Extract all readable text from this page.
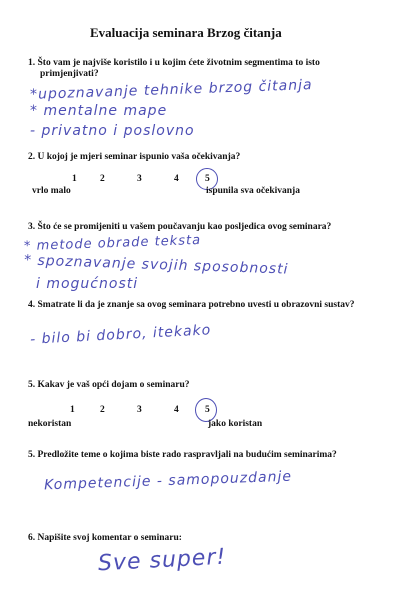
Evaluacija seminara Brzog čitanja
1. Što vam je najviše koristilo i u kojim ćete životnim segmentima to isto
primjenjivati?
*upoznavanje tehnike brzog čitanja
* mentalne mape
- privatno i poslovno
2. U kojoj je mjeri seminar ispunio vaša očekivanja?
1 2	3	4	5
vrlo malo	ispunila sva očekivanja
3. Što će se promijeniti u vašem poučavanju kao posljedica ovog seminara?
* metode obrade teksta
* spoznavanje svojih sposobnosti
i mogućnosti
4. Smatrate li da je znanje sa ovog seminara potrebno uvesti u obrazovni sustav?
- bilo bi dobro, itekako
5. Kakav je vaš opći dojam o seminaru?
1	2	3	4	5
nekoristan	jako koristan
5. Predložite teme o kojima biste rado raspravljali na budućim seminarima?
Kompetencije - samopouzdanje
6. Napišite svoj komentar o seminaru:
Sve super!
